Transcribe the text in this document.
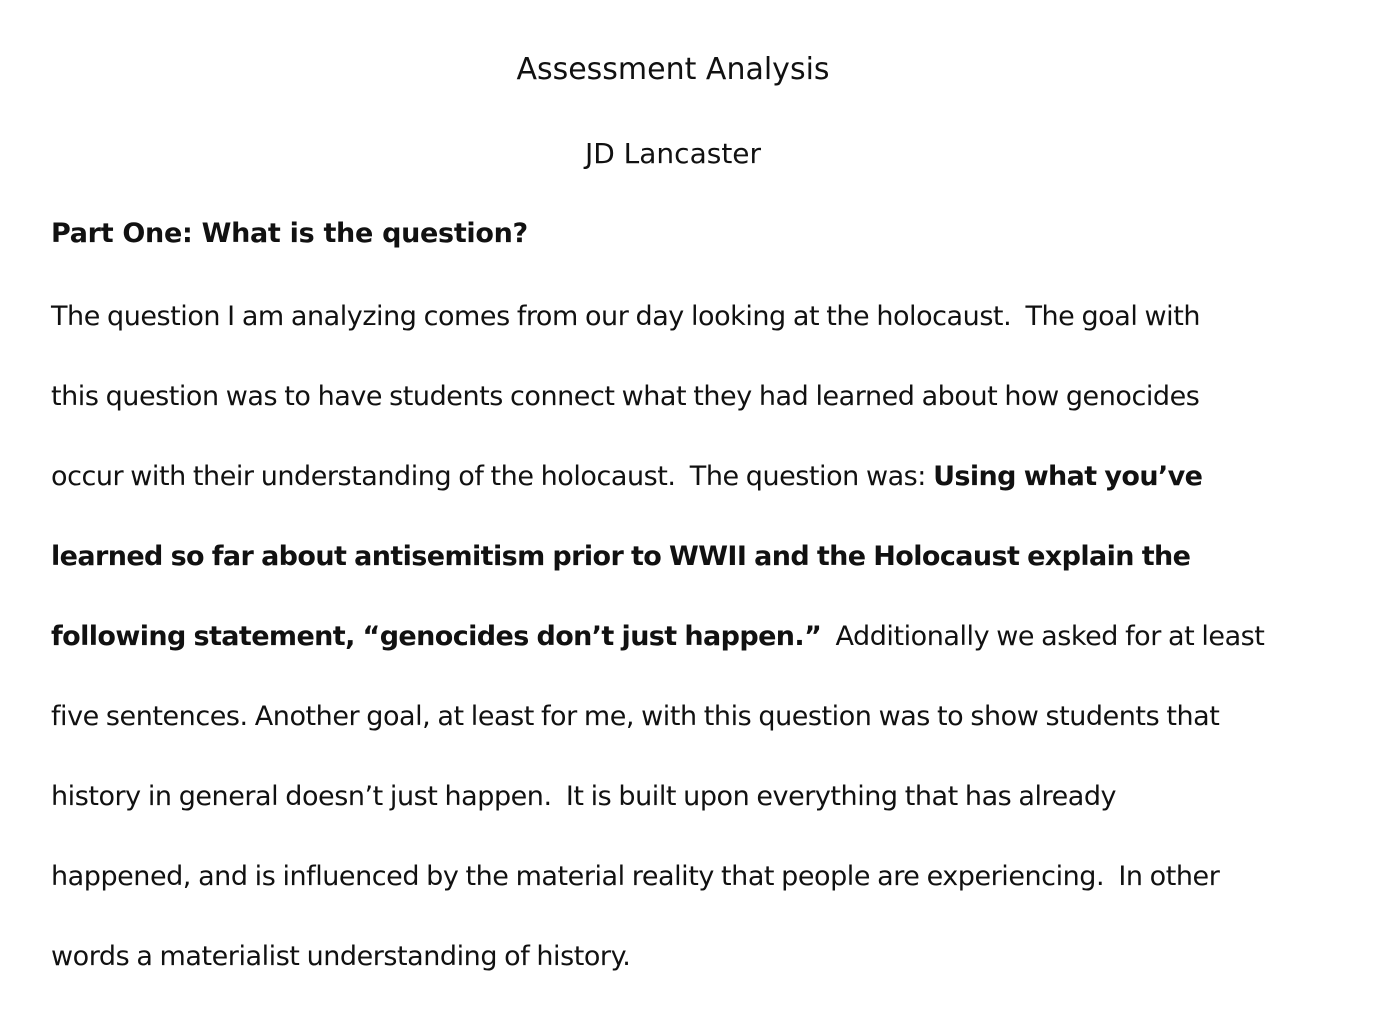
Assessment Analysis
JD Lancaster
Part One: What is the question?
The question I am analyzing comes from our day looking at the holocaust.  The goal with
this question was to have students connect what they had learned about how genocides
occur with their understanding of the holocaust.  The question was: Using what you’ve
learned so far about antisemitism prior to WWII and the Holocaust explain the
following statement, “genocides don’t just happen.”  Additionally we asked for at least
five sentences. Another goal, at least for me, with this question was to show students that
history in general doesn’t just happen.  It is built upon everything that has already
happened, and is influenced by the material reality that people are experiencing.  In other
words a materialist understanding of history.
